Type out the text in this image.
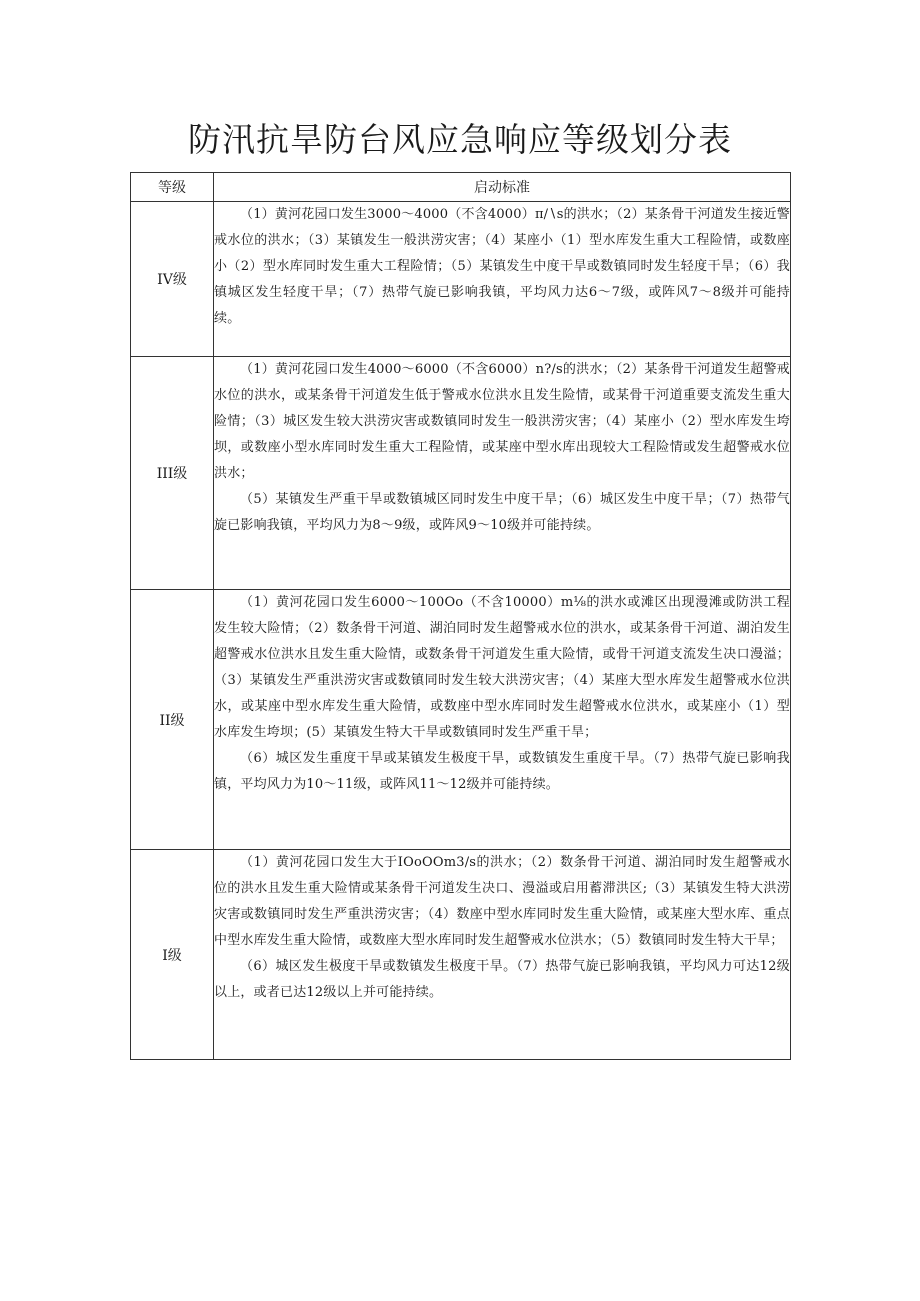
防汛抗旱防台风应急响应等级划分表
等级	启动标准
IV级	（1）黄河花园口发生3000～4000（不含4000）π∕∖s的洪水；（2）某条骨干河道发生接近警戒水位的洪水；（3）某镇发生一般洪涝灾害；（4）某座小（1）型水库发生重大工程险情，或数座小（2）型水库同时发生重大工程险情；（5）某镇发生中度干旱或数镇同时发生轻度干旱；（6）我镇城区发生轻度干旱；（7）热带气旋已影响我镇，平均风力达6～7级，或阵风7～8级并可能持续。

III级	（1）黄河花园口发生4000～6000（不含6000）n?/s的洪水；（2）某条骨干河道发生超警戒水位的洪水，或某条骨干河道发生低于警戒水位洪水且发生险情，或某骨干河道重要支流发生重大险情；（3）城区发生较大洪涝灾害或数镇同时发生一般洪涝灾害；（4）某座小（2）型水库发生垮坝，或数座小型水库同时发生重大工程险情，或某座中型水库出现较大工程险情或发生超警戒水位洪水；

（5）某镇发生严重干旱或数镇城区同时发生中度干旱；（6）城区发生中度干旱；（7）热带气旋已影响我镇，平均风力为8～9级，或阵风9～10级并可能持续。

II级	（1）黄河花园口发生6000～100Oo（不含10000）m⅛的洪水或滩区出现漫滩或防洪工程发生较大险情；（2）数条骨干河道、湖泊同时发生超警戒水位的洪水，或某条骨干河道、湖泊发生超警戒水位洪水且发生重大险情，或数条骨干河道发生重大险情，或骨干河道支流发生决口漫溢；（3）某镇发生严重洪涝灾害或数镇同时发生较大洪涝灾害；（4）某座大型水库发生超警戒水位洪水，或某座中型水库发生重大险情，或数座中型水库同时发生超警戒水位洪水，或某座小（1）型水库发生垮坝；(5）某镇发生特大干旱或数镇同时发生严重干旱；

（6）城区发生重度干旱或某镇发生极度干旱，或数镇发生重度干旱。（7）热带气旋已影响我镇，平均风力为10～11级，或阵风11～12级并可能持续。

I级	（1）黄河花园口发生大于IOoOOm3/s的洪水；（2）数条骨干河道、湖泊同时发生超警戒水位的洪水且发生重大险情或某条骨干河道发生决口、漫溢或启用蓄滞洪区;（3）某镇发生特大洪涝灾害或数镇同时发生严重洪涝灾害；（4）数座中型水库同时发生重大险情，或某座大型水库、重点中型水库发生重大险情，或数座大型水库同时发生超警戒水位洪水；（5）数镇同时发生特大干旱；

（6）城区发生极度干旱或数镇发生极度干旱。（7）热带气旋已影响我镇，平均风力可达12级以上，或者已达12级以上并可能持续。
